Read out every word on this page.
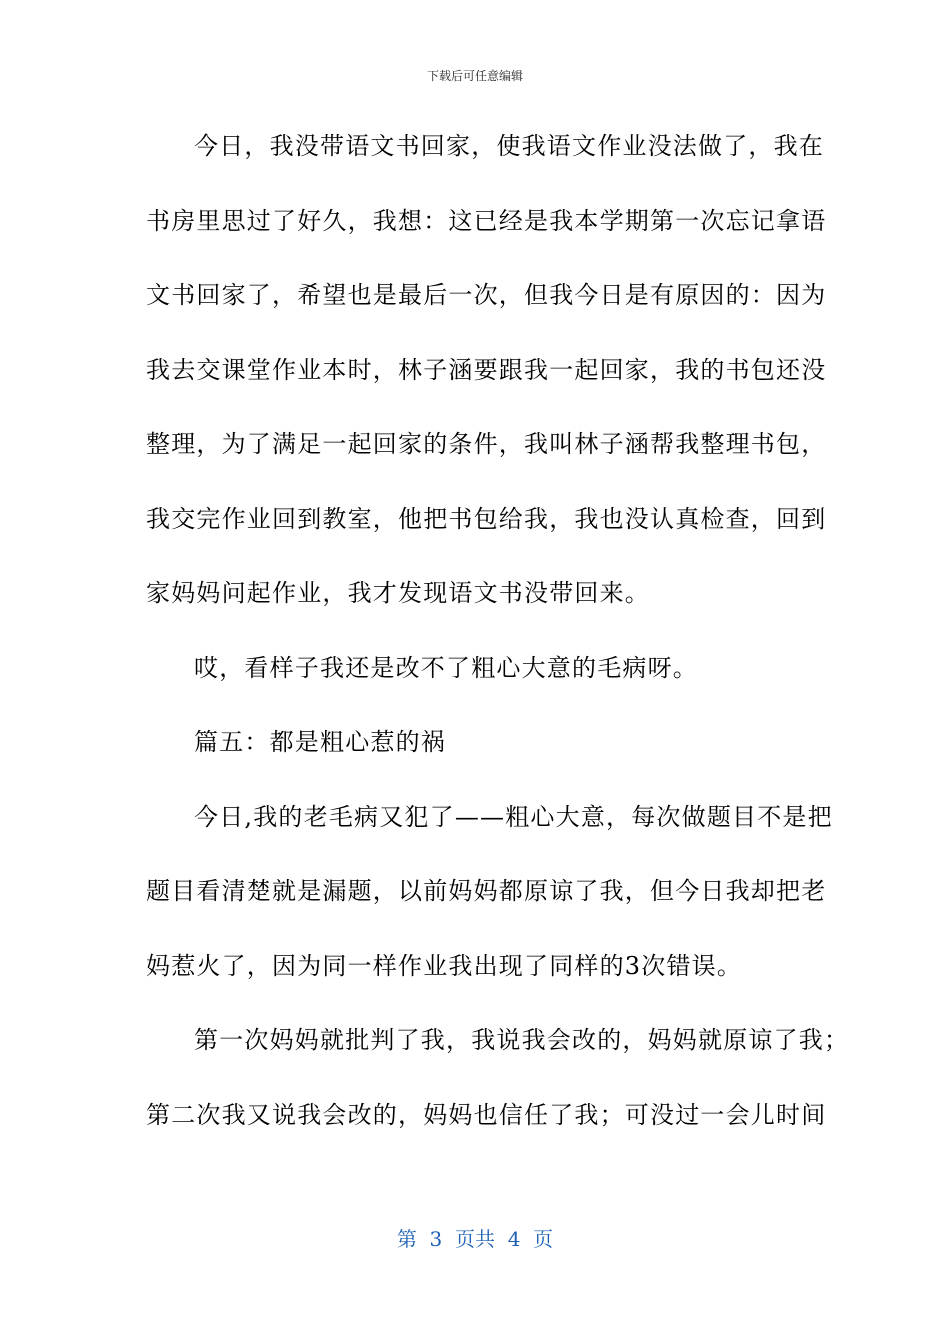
下载后可任意编辑
今日，我没带语文书回家，使我语文作业没法做了，我在
书房里思过了好久，我想：这已经是我本学期第一次忘记拿语
文书回家了，希望也是最后一次，但我今日是有原因的：因为
我去交课堂作业本时，林子涵要跟我一起回家，我的书包还没
整理，为了满足一起回家的条件，我叫林子涵帮我整理书包，
我交完作业回到教室，他把书包给我，我也没认真检查，回到
家妈妈问起作业，我才发现语文书没带回来。
哎，看样子我还是改不了粗心大意的毛病呀。
篇五：都是粗心惹的祸
今日,我的老毛病又犯了——粗心大意，每次做题目不是把
题目看清楚就是漏题，以前妈妈都原谅了我，但今日我却把老
妈惹火了，因为同一样作业我出现了同样的3次错误。
第一次妈妈就批判了我，我说我会改的，妈妈就原谅了我；
第二次我又说我会改的，妈妈也信任了我；可没过一会儿时间
第  3  页共  4  页
